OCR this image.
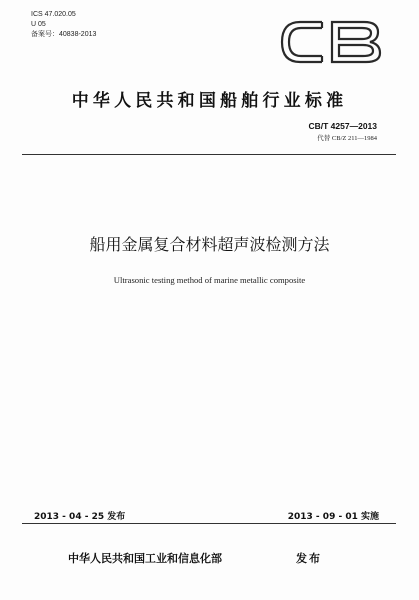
ICS 47.020.05
U 05
备案号：40838-2013
中华人民共和国船舶行业标准
CB/T 4257—2013
代替 CB/Z 211—1984
船用金属复合材料超声波检测方法
Ultrasonic testing method of marine metallic composite
2013 - 04 - 25 发布	2013 - 09 - 01 实施
中华人民共和国工业和信息化部	发布
